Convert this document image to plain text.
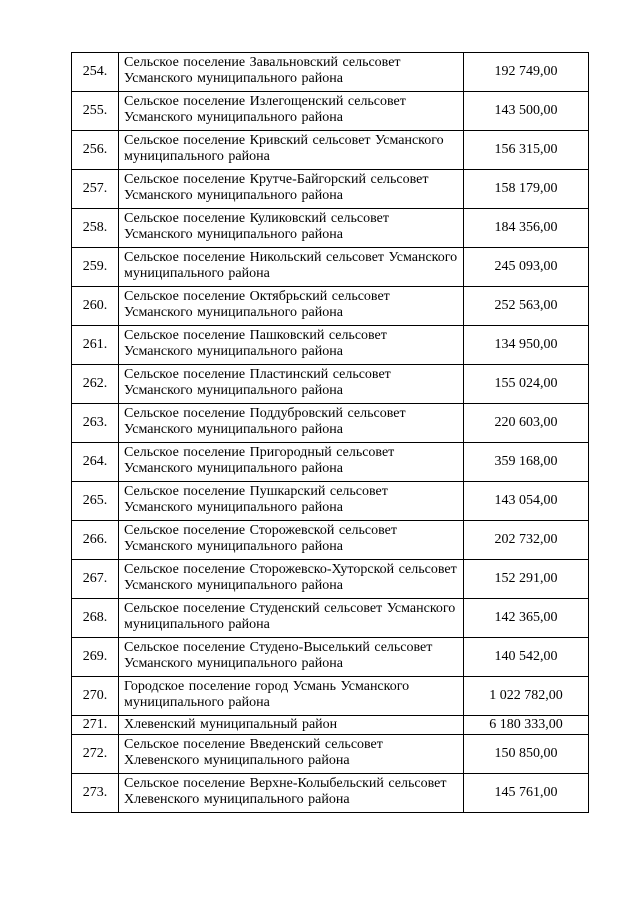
254.	Сельское поселение Завальновский сельсовет Усманского муниципального района	192 749,00
255.	Сельское поселение Излегощенский сельсовет Усманского муниципального района	143 500,00
256.	Сельское поселение Кривский сельсовет Усманского муниципального района	156 315,00
257.	Сельское поселение Крутче-Байгорский сельсовет Усманского муниципального района	158 179,00
258.	Сельское поселение Куликовский сельсовет Усманского муниципального района	184 356,00
259.	Сельское поселение Никольский сельсовет Усманского муниципального района	245 093,00
260.	Сельское поселение Октябрьский сельсовет Усманского муниципального района	252 563,00
261.	Сельское поселение Пашковский сельсовет Усманского муниципального района	134 950,00
262.	Сельское поселение Пластинский сельсовет Усманского муниципального района	155 024,00
263.	Сельское поселение Поддубровский сельсовет Усманского муниципального района	220 603,00
264.	Сельское поселение Пригородный сельсовет Усманского муниципального района	359 168,00
265.	Сельское поселение Пушкарский сельсовет Усманского муниципального района	143 054,00
266.	Сельское поселение Сторожевской сельсовет Усманского муниципального района	202 732,00
267.	Сельское поселение Сторожевско-Хуторской сельсовет Усманского муниципального района	152 291,00
268.	Сельское поселение Студенский сельсовет Усманского муниципального района	142 365,00
269.	Сельское поселение Студено-Выселький сельсовет Усманского муниципального района	140 542,00
270.	Городское поселение город Усмань Усманского муниципального района	1 022 782,00
271.	Хлевенский муниципальный район	6 180 333,00
272.	Сельское поселение Введенский сельсовет Хлевенского муниципального района	150 850,00
273.	Сельское поселение Верхне-Колыбельский сельсовет Хлевенского муниципального района	145 761,00
